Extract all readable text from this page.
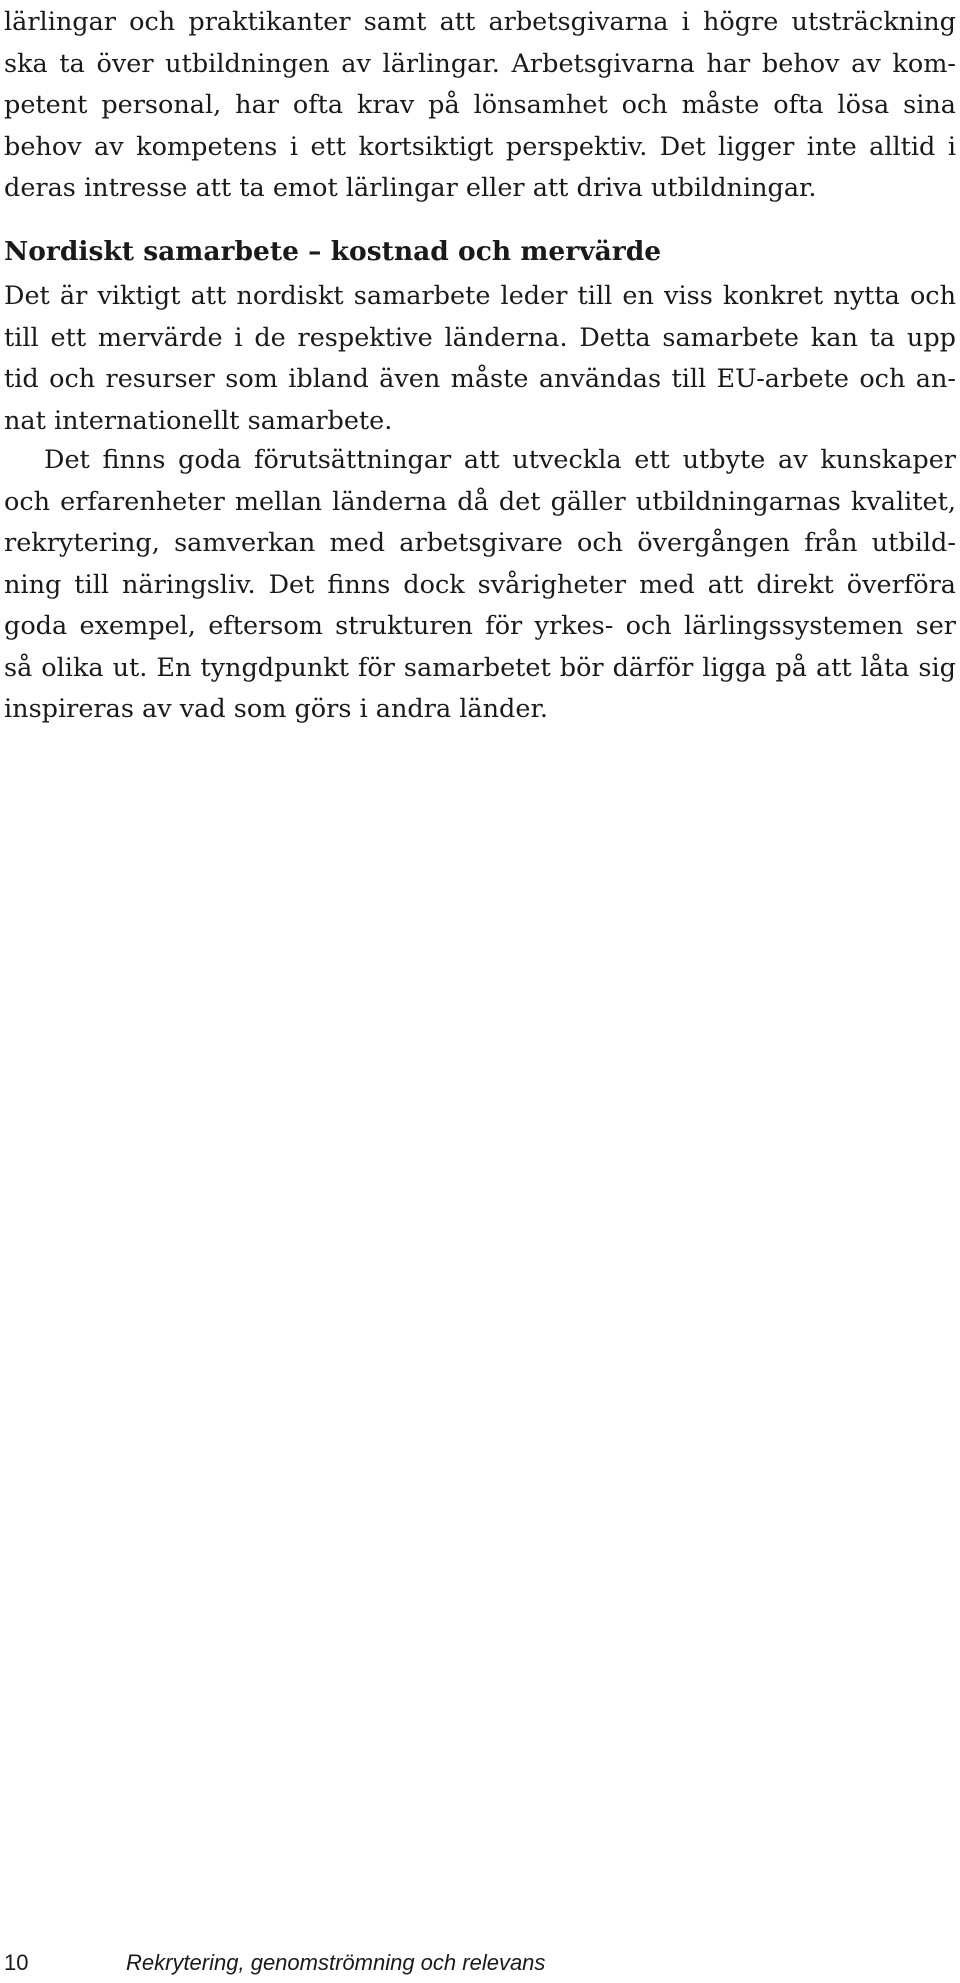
lärlingar och praktikanter samt att arbetsgivarna i högre utsträckning
ska ta över utbildningen av lärlingar. Arbetsgivarna har behov av kom-
petent personal, har ofta krav på lönsamhet och måste ofta lösa sina
behov av kompetens i ett kortsiktigt perspektiv. Det ligger inte alltid i
deras intresse att ta emot lärlingar eller att driva utbildningar.

Nordiskt samarbete – kostnad och mervärde

Det är viktigt att nordiskt samarbete leder till en viss konkret nytta och
till ett mervärde i de respektive länderna. Detta samarbete kan ta upp
tid och resurser som ibland även måste användas till EU-arbete och an-
nat internationellt samarbete.

Det finns goda förutsättningar att utveckla ett utbyte av kunskaper
och erfarenheter mellan länderna då det gäller utbildningarnas kvalitet,
rekrytering, samverkan med arbetsgivare och övergången från utbild-
ning till näringsliv. Det finns dock svårigheter med att direkt överföra
goda exempel, eftersom strukturen för yrkes- och lärlingssystemen ser
så olika ut. En tyngdpunkt för samarbetet bör därför ligga på att låta sig
inspireras av vad som görs i andra länder.

10	Rekrytering, genomströmning och relevans
